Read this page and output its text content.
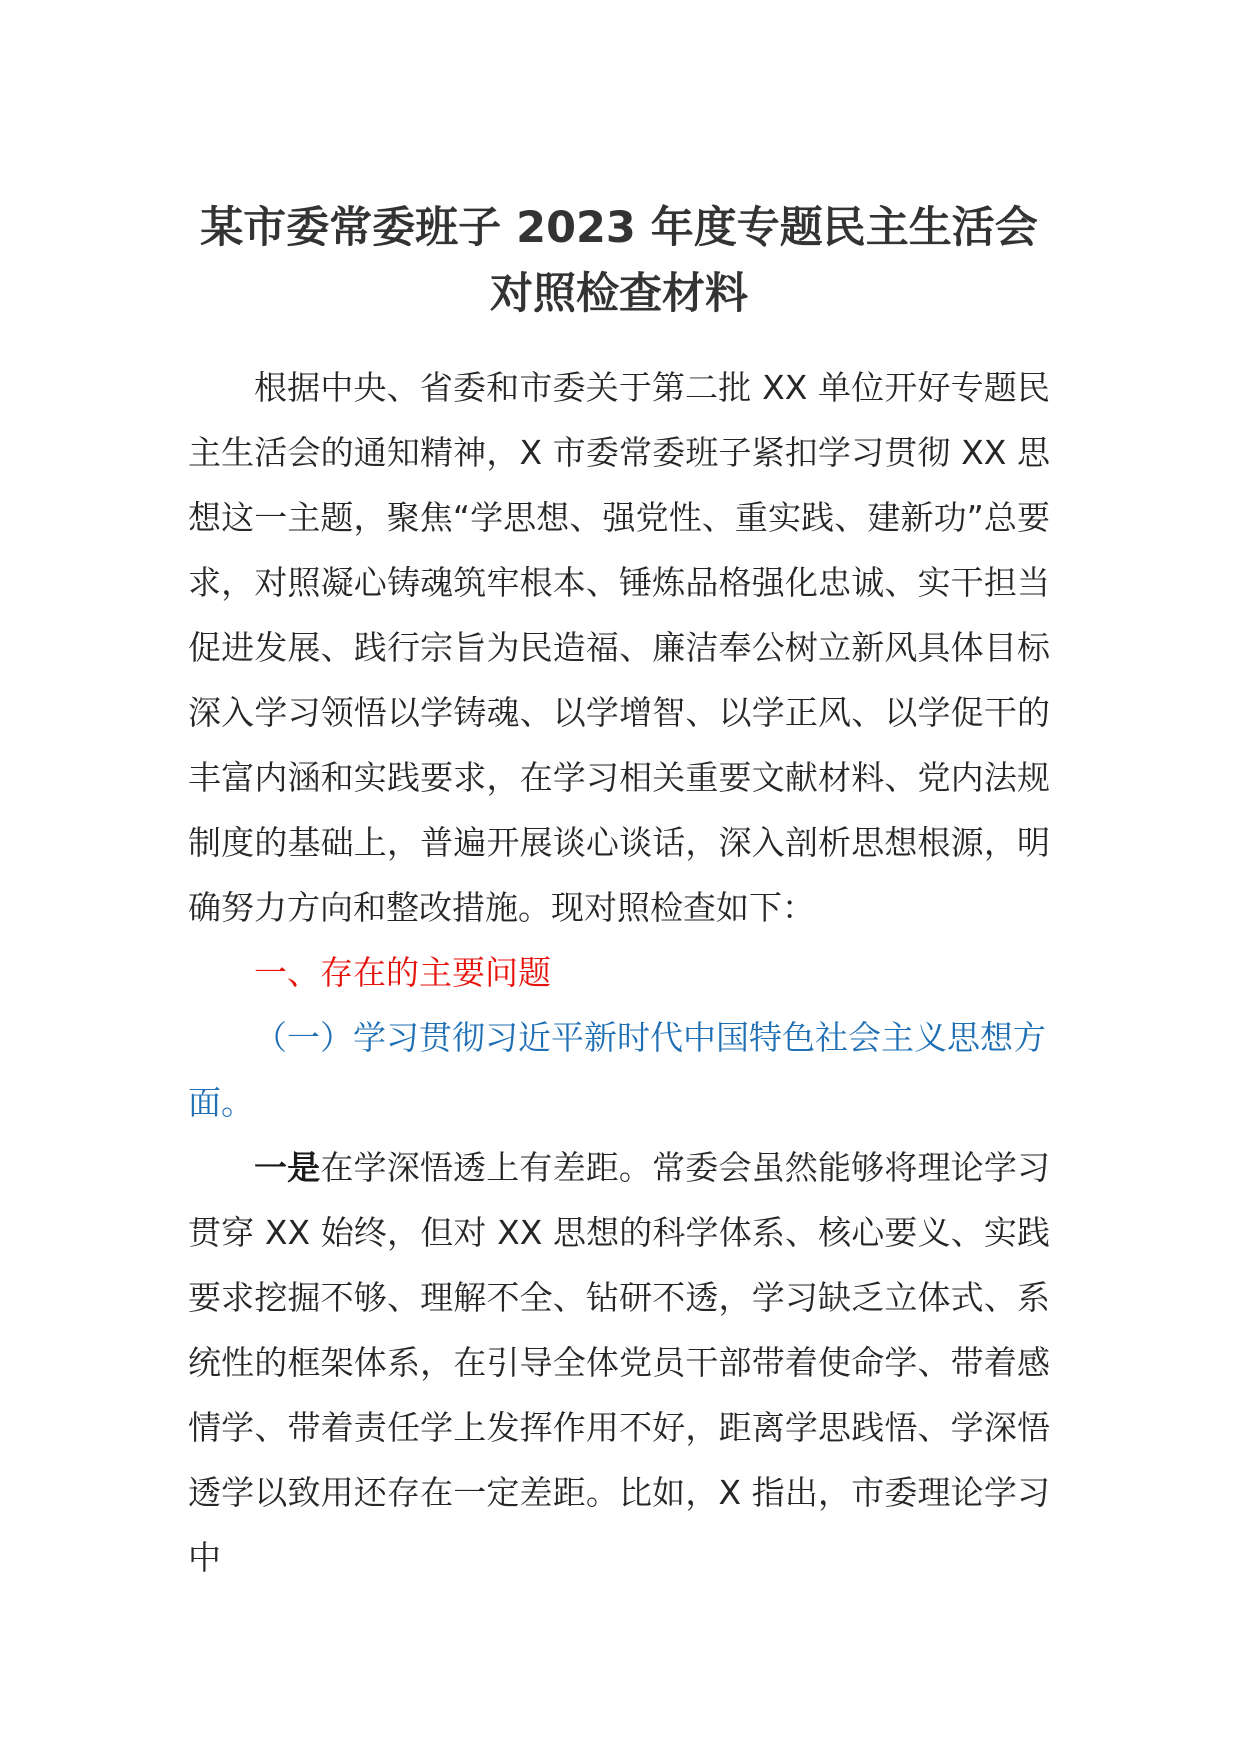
某市委常委班子 2023 年度专题民主生活会
对照检查材料

根据中央、省委和市委关于第二批 XX 单位开好专题民主生活会的通知精神，X 市委常委班子紧扣学习贯彻 XX 思想这一主题，聚焦“学思想、强党性、重实践、建新功”总要求，对照凝心铸魂筑牢根本、锤炼品格强化忠诚、实干担当促进发展、践行宗旨为民造福、廉洁奉公树立新风具体目标深入学习领悟以学铸魂、以学增智、以学正风、以学促干的丰富内涵和实践要求，在学习相关重要文献材料、党内法规制度的基础上，普遍开展谈心谈话，深入剖析思想根源，明确努力方向和整改措施。现对照检查如下：

一、存在的主要问题

（一）学习贯彻习近平新时代中国特色社会主义思想方面。

一是在学深悟透上有差距。常委会虽然能够将理论学习贯穿 XX 始终，但对 XX 思想的科学体系、核心要义、实践要求挖掘不够、理解不全、钻研不透，学习缺乏立体式、系统性的框架体系，在引导全体党员干部带着使命学、带着感情学、带着责任学上发挥作用不好，距离学思践悟、学深悟透学以致用还存在一定差距。比如，X 指出，市委理论学习中
